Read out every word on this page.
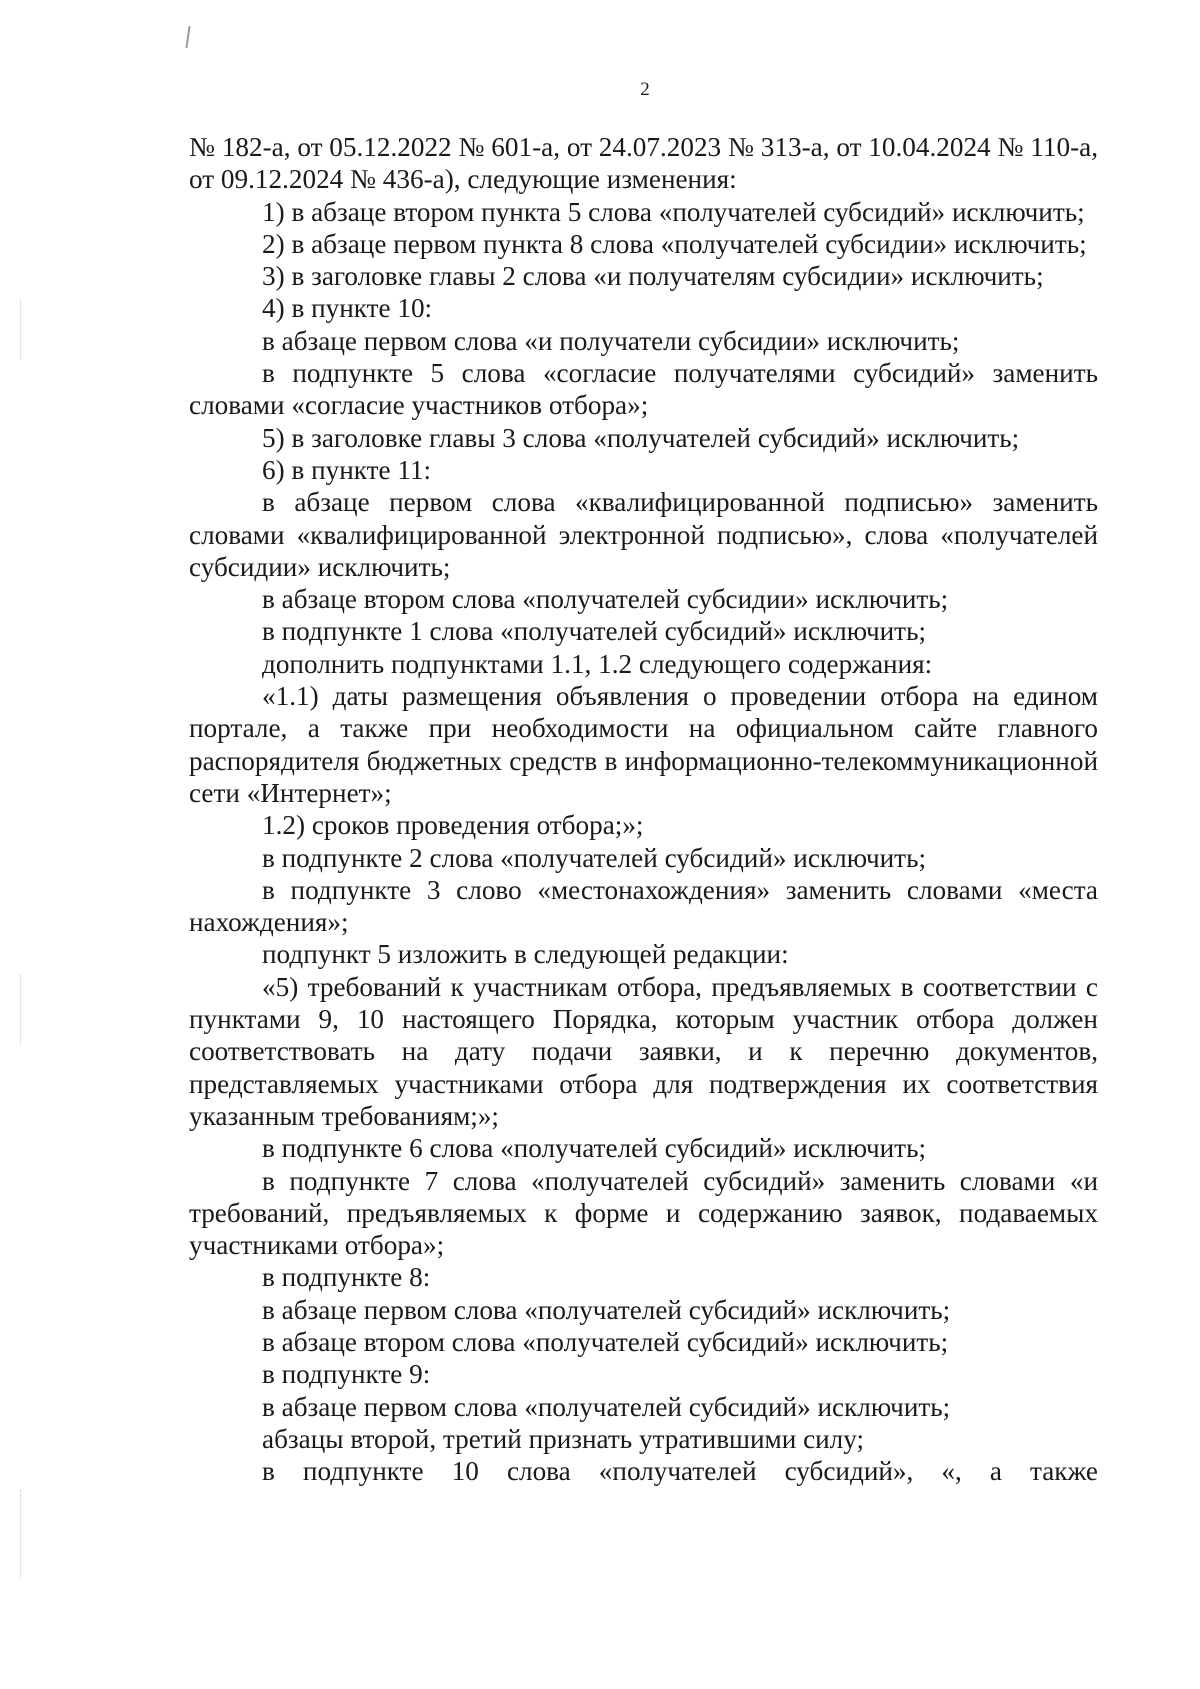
2

№ 182-а, от 05.12.2022 № 601-а, от 24.07.2023 № 313-а, от 10.04.2024 № 110-а, от 09.12.2024 № 436-а), следующие изменения:

1) в абзаце втором пункта 5 слова «получателей субсидий» исключить;

2) в абзаце первом пункта 8 слова «получателей субсидии» исключить;

3) в заголовке главы 2 слова «и получателям субсидии» исключить;

4) в пункте 10:

в абзаце первом слова «и получатели субсидии» исключить;

в подпункте 5 слова «согласие получателями субсидий» заменить словами «согласие участников отбора»;

5) в заголовке главы 3 слова «получателей субсидий» исключить;

6) в пункте 11:

в абзаце первом слова «квалифицированной подписью» заменить словами «квалифицированной электронной подписью», слова «получателей субсидии» исключить;

в абзаце втором слова «получателей субсидии» исключить;

в подпункте 1 слова «получателей субсидий» исключить;

дополнить подпунктами 1.1, 1.2 следующего содержания:

«1.1) даты размещения объявления о проведении отбора на едином портале, а также при необходимости на официальном сайте главного распорядителя бюджетных средств в информационно-телекоммуникационной сети «Интернет»;

1.2) сроков проведения отбора;»;

в подпункте 2 слова «получателей субсидий» исключить;

в подпункте 3 слово «местонахождения» заменить словами «места нахождения»;

подпункт 5 изложить в следующей редакции:

«5) требований к участникам отбора, предъявляемых в соответствии с пунктами 9, 10 настоящего Порядка, которым участник отбора должен соответствовать на дату подачи заявки, и к перечню документов, представляемых участниками отбора для подтверждения их соответствия указанным требованиям;»;

в подпункте 6 слова «получателей субсидий» исключить;

в подпункте 7 слова «получателей субсидий» заменить словами «и требований, предъявляемых к форме и содержанию заявок, подаваемых участниками отбора»;

в подпункте 8:

в абзаце первом слова «получателей субсидий» исключить;

в абзаце втором слова «получателей субсидий» исключить;

в подпункте 9:

в абзаце первом слова «получателей субсидий» исключить;

абзацы второй, третий признать утратившими силу;

в подпункте 10 слова «получателей субсидий», «, а также
